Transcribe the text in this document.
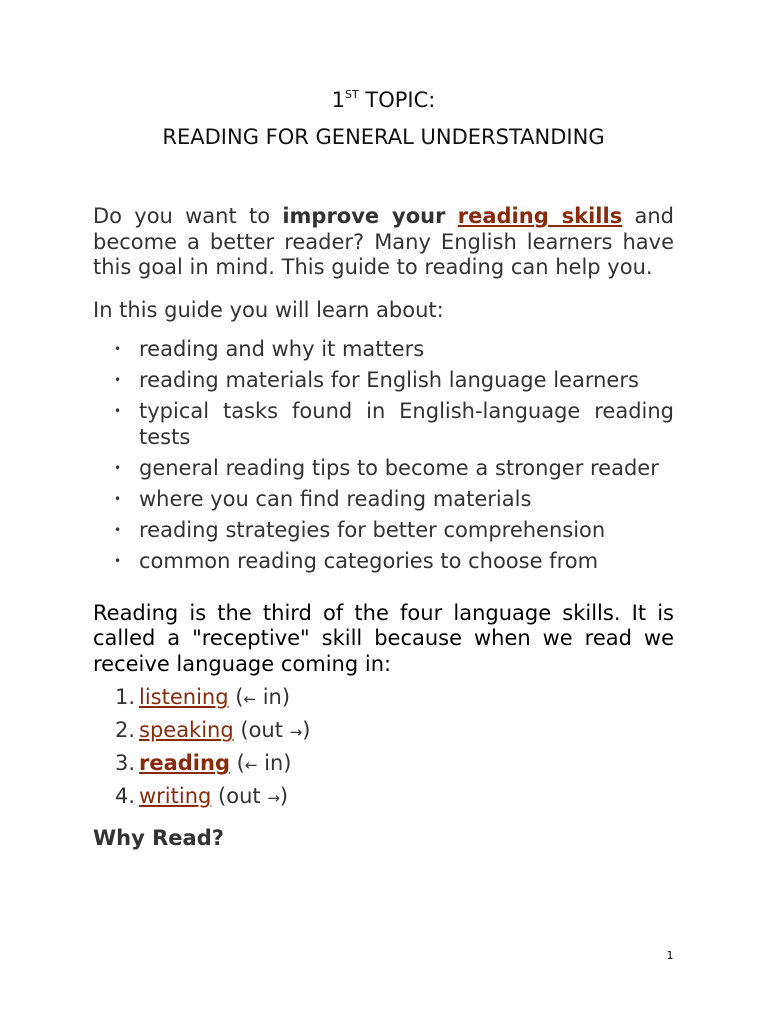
1ST TOPIC:

READING FOR GENERAL UNDERSTANDING

Do you want to improve your reading skills and become a better reader? Many English learners have this goal in mind. This guide to reading can help you.
In this guide you will learn about:
• reading and why it matters
• reading materials for English language learners
• typical tasks found in English-language reading tests
• general reading tips to become a stronger reader
• where you can find reading materials
• reading strategies for better comprehension
• common reading categories to choose from
Reading is the third of the four language skills. It is called a "receptive" skill because when we read we receive language coming in:
1. listening (← in)
2. speaking (out →)
3. reading (← in)
4. writing (out →)
Why Read?
1
